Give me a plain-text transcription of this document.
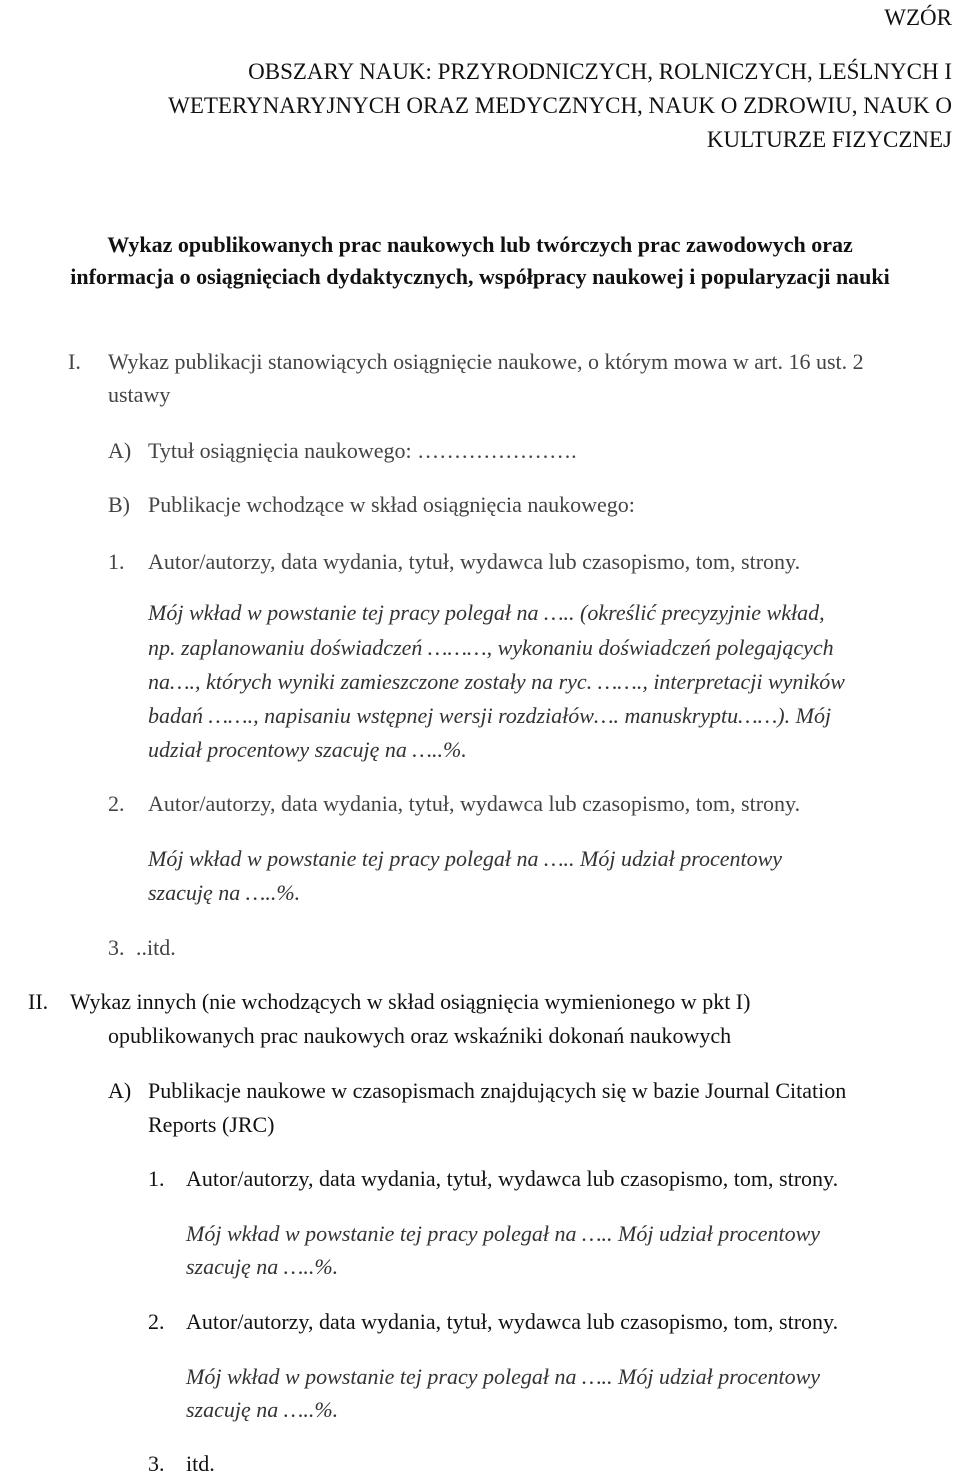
WZÓR
OBSZARY NAUK: PRZYRODNICZYCH, ROLNICZYCH, LEŚLNYCH I
WETERYNARYJNYCH ORAZ MEDYCZNYCH, NAUK O ZDROWIU, NAUK O
KULTURZE FIZYCZNEJ
Wykaz opublikowanych prac naukowych lub twórczych prac zawodowych oraz
informacja o osiągnięciach dydaktycznych, współpracy naukowej i popularyzacji nauki
I. Wykaz publikacji stanowiących osiągnięcie naukowe, o którym mowa w art. 16 ust. 2
ustawy
A) Tytuł osiągnięcia naukowego: ………………….
B) Publikacje wchodzące w skład osiągnięcia naukowego:
1. Autor/autorzy, data wydania, tytuł, wydawca lub czasopismo, tom, strony.
Mój wkład w powstanie tej pracy polegał na ….. (określić precyzyjnie wkład,
np. zaplanowaniu doświadczeń ………, wykonaniu doświadczeń polegających
na…., których wyniki zamieszczone zostały na ryc. ……., interpretacji wyników
badań ……., napisaniu wstępnej wersji rozdziałów…. manuskryptu……). Mój
udział procentowy szacuję na …..%.
2. Autor/autorzy, data wydania, tytuł, wydawca lub czasopismo, tom, strony.
Mój wkład w powstanie tej pracy polegał na ….. Mój udział procentowy
szacuję na …..%.
3. ..itd.
II. Wykaz innych (nie wchodzących w skład osiągnięcia wymienionego w pkt I)
opublikowanych prac naukowych oraz wskaźniki dokonań naukowych
A) Publikacje naukowe w czasopismach znajdujących się w bazie Journal Citation
Reports (JRC)
1. Autor/autorzy, data wydania, tytuł, wydawca lub czasopismo, tom, strony.
Mój wkład w powstanie tej pracy polegał na ….. Mój udział procentowy
szacuję na …..%.
2. Autor/autorzy, data wydania, tytuł, wydawca lub czasopismo, tom, strony.
Mój wkład w powstanie tej pracy polegał na ….. Mój udział procentowy
szacuję na …..%.
3. itd.
